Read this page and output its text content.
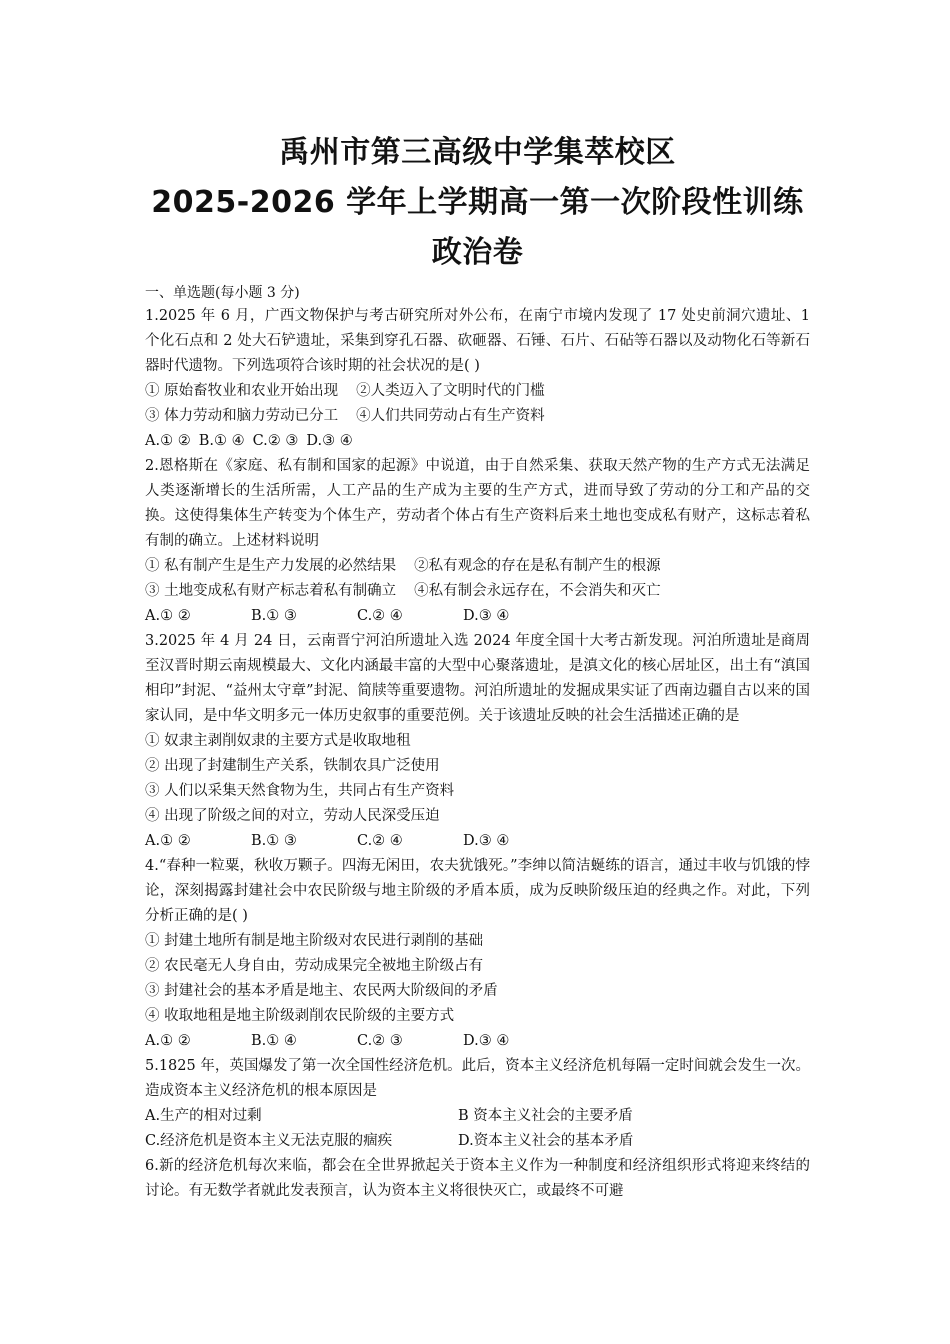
禹州市第三高级中学集萃校区
2025-2026 学年上学期高一第一次阶段性训练
政治卷
一、单选题(每小题 3 分)

1.2025 年 6 月，广西文物保护与考古研究所对外公布，在南宁市境内发现了 17 处史前洞穴遗址、1 个化石点和 2 处大石铲遗址，采集到穿孔石器、砍砸器、石锤、石片、石砧等石器以及动物化石等新石器时代遗物。下列选项符合该时期的社会状况的是( )

① 原始畜牧业和农业开始出现 ②人类迈入了文明时代的门槛

③ 体力劳动和脑力劳动已分工 ④人们共同劳动占有生产资料

A.① ② B.① ④ C.② ③ D.③ ④

2.恩格斯在《家庭、私有制和国家的起源》中说道，由于自然采集、获取天然产物的生产方式无法满足人类逐渐增长的生活所需，人工产品的生产成为主要的生产方式，进而导致了劳动的分工和产品的交换。这使得集体生产转变为个体生产，劳动者个体占有生产资料后来土地也变成私有财产，这标志着私有制的确立。上述材料说明

① 私有制产生是生产力发展的必然结果 ②私有观念的存在是私有制产生的根源

③ 土地变成私有财产标志着私有制确立 ④私有制会永远存在，不会消失和灭亡

A.① ②	B.① ③	C.② ④	D.③ ④

3.2025 年 4 月 24 日，云南晋宁河泊所遗址入选 2024 年度全国十大考古新发现。河泊所遗址是商周至汉晋时期云南规模最大、文化内涵最丰富的大型中心聚落遗址，是滇文化的核心居址区，出土有“滇国相印”封泥、“益州太守章”封泥、简牍等重要遗物。河泊所遗址的发掘成果实证了西南边疆自古以来的国家认同，是中华文明多元一体历史叙事的重要范例。关于该遗址反映的社会生活描述正确的是

① 奴隶主剥削奴隶的主要方式是收取地租

② 出现了封建制生产关系，铁制农具广泛使用

③ 人们以采集天然食物为生，共同占有生产资料

④ 出现了阶级之间的对立，劳动人民深受压迫

A.① ②	B.① ③	C.② ④	D.③ ④

4.“春种一粒粟，秋收万颗子。四海无闲田，农夫犹饿死。”李绅以简洁蜒练的语言，通过丰收与饥饿的悖论，深刻揭露封建社会中农民阶级与地主阶级的矛盾本质，成为反映阶级压迫的经典之作。对此，下列分析正确的是( )

① 封建土地所有制是地主阶级对农民进行剥削的基础

② 农民毫无人身自由，劳动成果完全被地主阶级占有

③ 封建社会的基本矛盾是地主、农民两大阶级间的矛盾

④ 收取地租是地主阶级剥削农民阶级的主要方式

A.① ②	B.① ④	C.② ③	D.③ ④

5.1825 年，英国爆发了第一次全国性经济危机。此后，资本主义经济危机每隔一定时间就会发生一次。造成资本主义经济危机的根本原因是

A.生产的相对过剩	B 资本主义社会的主要矛盾
C.经济危机是资本主义无法克服的痼疾	D.资本主义社会的基本矛盾

6.新的经济危机每次来临，都会在全世界掀起关于资本主义作为一种制度和经济组织形式将迎来终结的讨论。有无数学者就此发表预言，认为资本主义将很快灭亡，或最终不可避
